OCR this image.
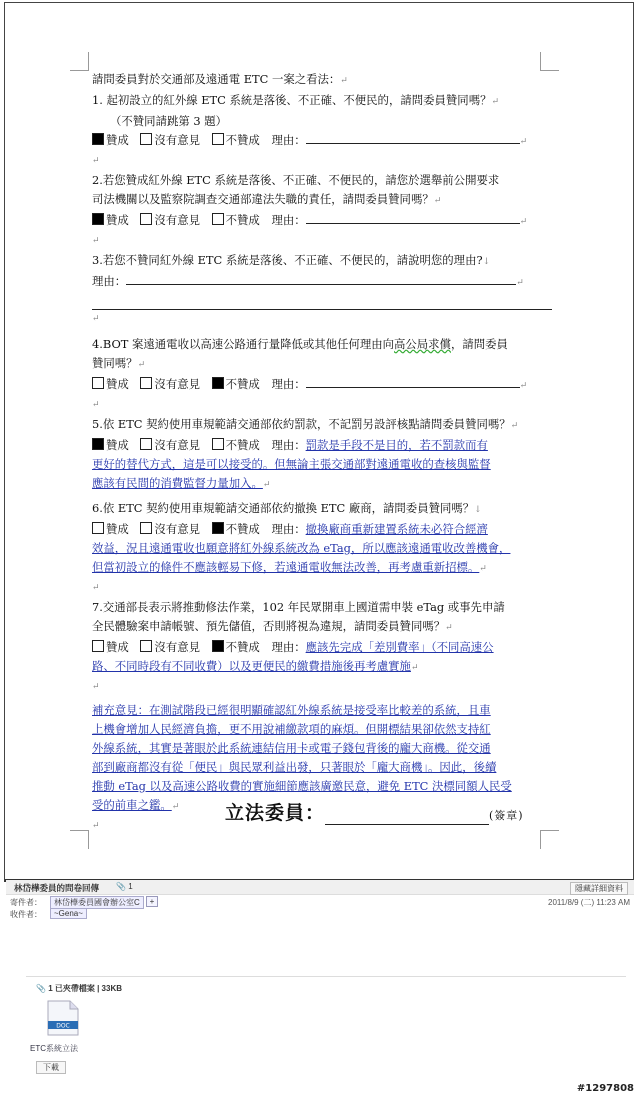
請問委員對於交通部及遠通電 ETC 一案之看法：↵
1. 起初設立的紅外線 ETC 系統是落後、不正確、不便民的，請問委員贊同嗎？↵
（不贊同請跳第 3 題）
贊成 沒有意見 不贊成 理由：	↵
↵
2.若您贊成紅外線 ETC 系統是落後、不正確、不便民的，請您於選舉前公開要求
司法機關以及監察院調查交通部違法失職的責任，請問委員贊同嗎？↵
贊成 沒有意見 不贊成 理由：	↵
↵
3.若您不贊同紅外線 ETC 系統是落後、不正確、不便民的，請說明您的理由?↓
理由：	↵
↵
4.BOT 案遠通電收以高速公路通行量降低或其他任何理由向高公局求償，請問委員
贊同嗎？↵
贊成 沒有意見 不贊成 理由：	↵
↵
5.依 ETC 契約使用車規範請交通部依約罰款，不記罰另設評核點請問委員贊同嗎？↵
贊成 沒有意見 不贊成 理由：罰款是手段不是目的，若不罰款而有
更好的替代方式，這是可以接受的。但無論主張交通部對遠通電收的查核與監督
應該有民間的消費監督力量加入。↵
6.依 ETC 契約使用車規範請交通部依約撤換 ETC 廠商，請問委員贊同嗎？↓
贊成 沒有意見 不贊成 理由：撤換廠商重新建置系統未必符合經濟
效益，況且遠通電收也願意將紅外線系統改為 eTag，所以應該遠通電收改善機會，
但當初設立的條件不應該輕易下修，若遠通電收無法改善，再考慮重新招標。↵
↵
7.交通部長表示將推動修法作業，102 年民眾開車上國道需申裝 eTag 或事先申請
全民體驗案申請帳號、預先儲值，否則將視為違規，請問委員贊同嗎？↵
贊成 沒有意見 不贊成 理由：應該先完成「差別費率」（不同高速公
路、不同時段有不同收費）以及更便民的繳費措施後再考慮實施↵
↵
補充意見：在測試階段已經很明顯確認紅外線系統是接受率比較差的系統，且車
上機會增加人民經濟負擔，更不用說補繳款項的麻煩。但開標結果卻依然支持紅
外線系統，其實是著眼於此系統連結信用卡或電子錢包背後的龐大商機。從交通
部到廠商都沒有從「便民」與民眾利益出發，只著眼於「龐大商機」。因此，後續
推動 eTag 以及高速公路收費的實施細節應該廣邀民意，避免 ETC 決標同額人民受
受的前車之鑑。↵
↵
立法委員：	(簽章)
林岱樺委員的問卷回傳 📎 1	隱藏詳細資料
寄件者：	林岱樺委員國會辦公室C	+	2011/8/9 (二) 11:23 AM
收件者：	~Gena~
📎 1 已夾帶檔案 | 33KB
DOC
ETC系統立法
下載
#1297808
